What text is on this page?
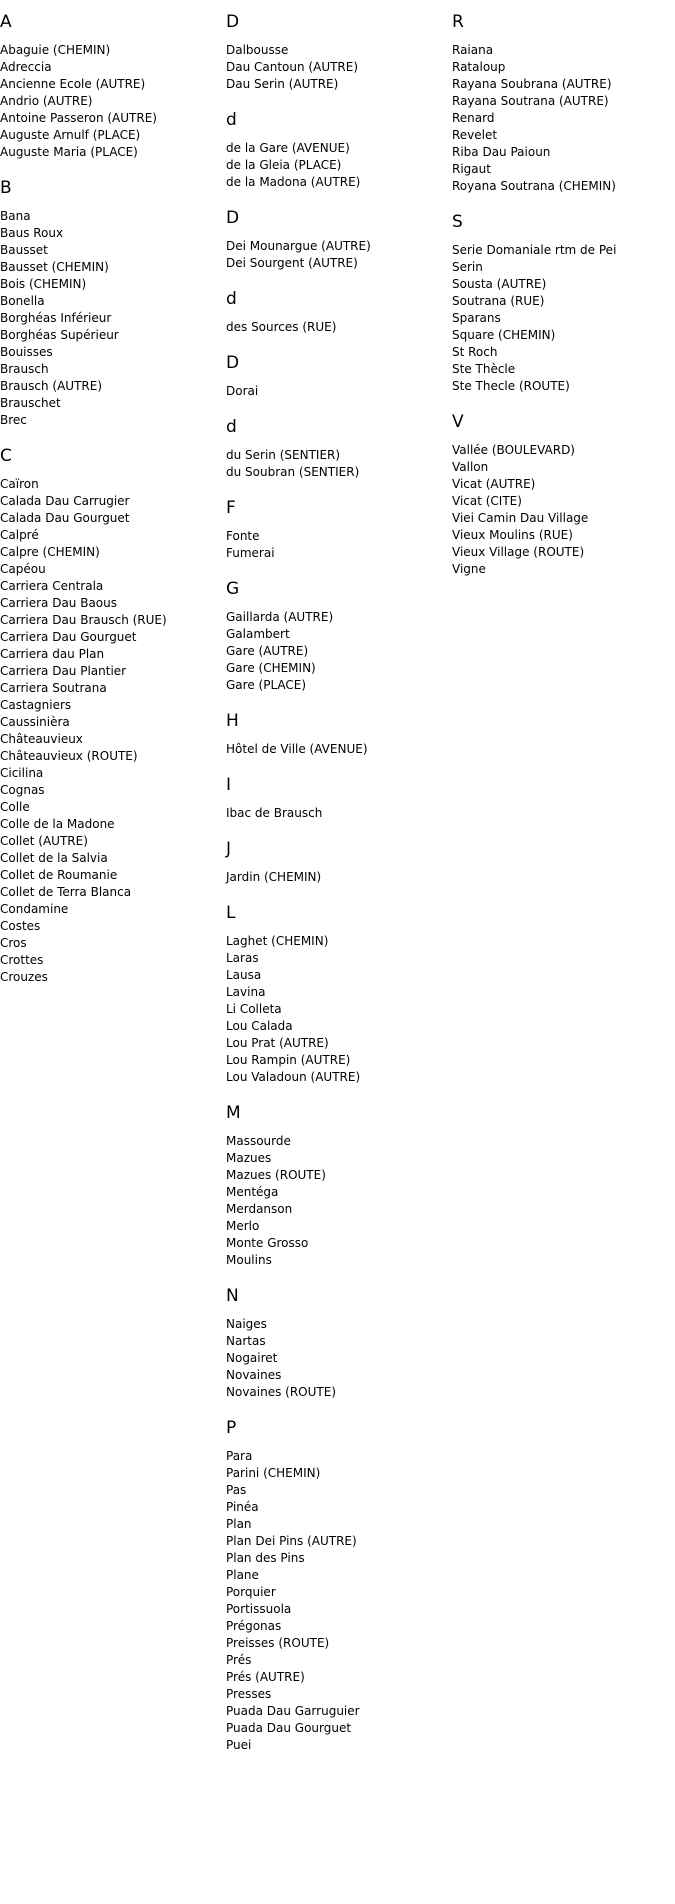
A
Abaguie (CHEMIN)
Adreccia
Ancienne Ecole (AUTRE)
Andrio (AUTRE)
Antoine Passeron (AUTRE)
Auguste Arnulf (PLACE)
Auguste Maria (PLACE)
B
Bana
Baus Roux
Bausset
Bausset (CHEMIN)
Bois (CHEMIN)
Bonella
Borghéas Inférieur
Borghéas Supérieur
Bouisses
Brausch
Brausch (AUTRE)
Brauschet
Brec
C
Caïron
Calada Dau Carrugier
Calada Dau Gourguet
Calpré
Calpre (CHEMIN)
Capéou
Carriera Centrala
Carriera Dau Baous
Carriera Dau Brausch (RUE)
Carriera Dau Gourguet
Carriera dau Plan
Carriera Dau Plantier
Carriera Soutrana
Castagniers
Caussinièra
Châteauvieux
Châteauvieux (ROUTE)
Cicilina
Cognas
Colle
Colle de la Madone
Collet (AUTRE)
Collet de la Salvia
Collet de Roumanie
Collet de Terra Blanca
Condamine
Costes
Cros
Crottes
Crouzes
D
Dalbousse
Dau Cantoun (AUTRE)
Dau Serin (AUTRE)
d
de la Gare (AVENUE)
de la Gleia (PLACE)
de la Madona (AUTRE)
D
Dei Mounargue (AUTRE)
Dei Sourgent (AUTRE)
d
des Sources (RUE)
D
Dorai
d
du Serin (SENTIER)
du Soubran (SENTIER)
F
Fonte
Fumerai
G
Gaillarda (AUTRE)
Galambert
Gare (AUTRE)
Gare (CHEMIN)
Gare (PLACE)
H
Hôtel de Ville (AVENUE)
I
Ibac de Brausch
J
Jardin (CHEMIN)
L
Laghet (CHEMIN)
Laras
Lausa
Lavina
Li Colleta
Lou Calada
Lou Prat (AUTRE)
Lou Rampin (AUTRE)
Lou Valadoun (AUTRE)
M
Massourde
Mazues
Mazues (ROUTE)
Mentéga
Merdanson
Merlo
Monte Grosso
Moulins
N
Naiges
Nartas
Nogairet
Novaines
Novaines (ROUTE)
P
Para
Parini (CHEMIN)
Pas
Pinéa
Plan
Plan Dei Pins (AUTRE)
Plan des Pins
Plane
Porquier
Portissuola
Prégonas
Preisses (ROUTE)
Prés
Prés (AUTRE)
Presses
Puada Dau Garruguier
Puada Dau Gourguet
Puei
R
Raiana
Rataloup
Rayana Soubrana (AUTRE)
Rayana Soutrana (AUTRE)
Renard
Revelet
Riba Dau Paioun
Rigaut
Royana Soutrana (CHEMIN)
S
Serie Domaniale rtm de Pei
Serin
Sousta (AUTRE)
Soutrana (RUE)
Sparans
Square (CHEMIN)
St Roch
Ste Thècle
Ste Thecle (ROUTE)
V
Vallée (BOULEVARD)
Vallon
Vicat (AUTRE)
Vicat (CITE)
Viei Camin Dau Village
Vieux Moulins (RUE)
Vieux Village (ROUTE)
Vigne
